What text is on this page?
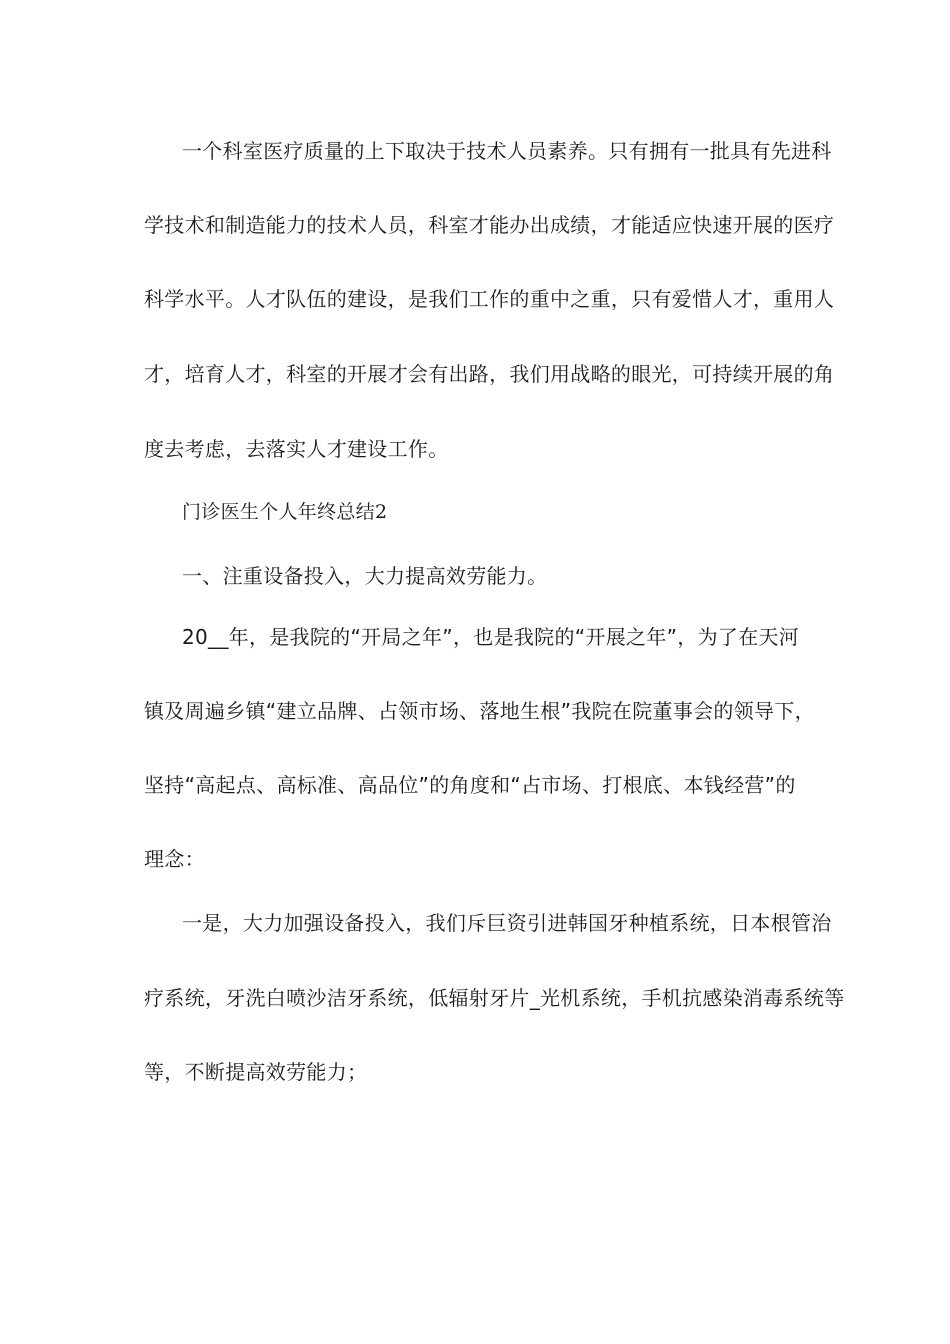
一个科室医疗质量的上下取决于技术人员素养。只有拥有一批具有先进科
学技术和制造能力的技术人员，科室才能办出成绩，才能适应快速开展的医疗
科学水平。人才队伍的建设，是我们工作的重中之重，只有爱惜人才，重用人
才，培育人才，科室的开展才会有出路，我们用战略的眼光，可持续开展的角
度去考虑，去落实人才建设工作。
门诊医生个人年终总结2
一、注重设备投入，大力提高效劳能力。
20__年，是我院的“开局之年”，也是我院的“开展之年”，为了在天河
镇及周遍乡镇“建立品牌、占领市场、落地生根”我院在院董事会的领导下，
坚持“高起点、高标准、高品位”的角度和“占市场、打根底、本钱经营”的
理念：
一是，大力加强设备投入，我们斥巨资引进韩国牙种植系统，日本根管治
疗系统，牙洗白喷沙洁牙系统，低辐射牙片_光机系统，手机抗感染消毒系统等
等，不断提高效劳能力；
